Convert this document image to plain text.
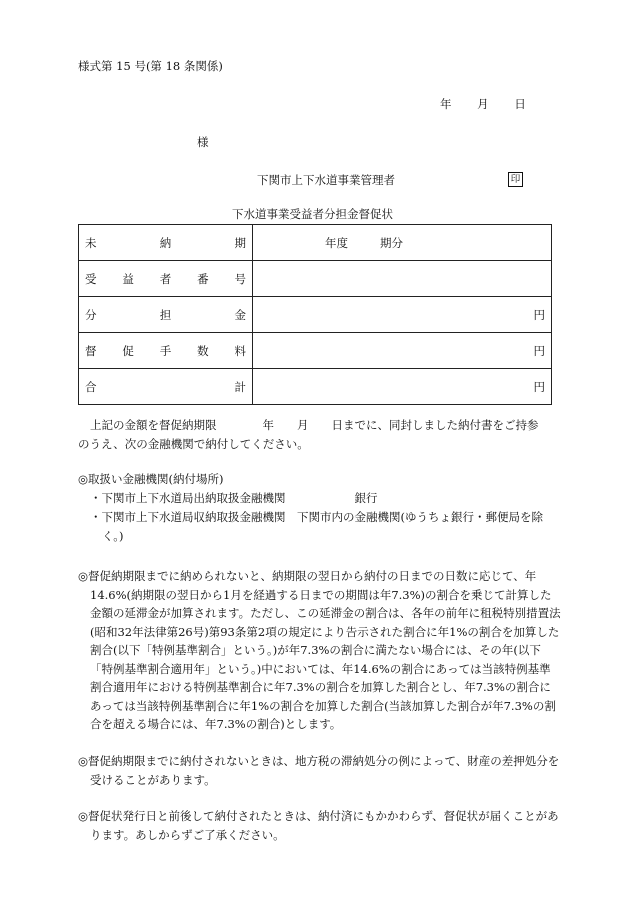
様式第 15 号(第 18 条関係)
年 月 日
様
下関市上下水道事業管理者	印
下水道事業受益者分担金督促状
未 納 期	年度 期分

受 益 者 番 号	

分 担 金	円

督 促 手 数 料	円

合 計	円
上記の金額を督促納期限　　　　年　　月　　日までに、同封しました納付書をご持参
のうえ、次の金融機関で納付してください。
◎取扱い金融機関(納付場所)
・下関市上下水道局出納取扱金融機関　　　　　　銀行
・下関市上下水道局収納取扱金融機関　下関市内の金融機関(ゆうちょ銀行・郵便局を除く。)
◎督促納期限までに納められないと、納期限の翌日から納付の日までの日数に応じて、年14.6%(納期限の翌日から1月を経過する日までの期間は年7.3%)の割合を乗じて計算した金額の延滞金が加算されます。ただし、この延滞金の割合は、各年の前年に租税特別措置法(昭和32年法律第26号)第93条第2項の規定により告示された割合に年1%の割合を加算した割合(以下「特例基準割合」という。)が年7.3%の割合に満たない場合には、その年(以下「特例基準割合適用年」という。)中においては、年14.6%の割合にあっては当該特例基準割合適用年における特例基準割合に年7.3%の割合を加算した割合とし、年7.3%の割合にあっては当該特例基準割合に年1%の割合を加算した割合(当該加算した割合が年7.3%の割合を超える場合には、年7.3%の割合)とします。
◎督促納期限までに納付されないときは、地方税の滞納処分の例によって、財産の差押処分を受けることがあります。
◎督促状発行日と前後して納付されたときは、納付済にもかかわらず、督促状が届くことがあります。あしからずご了承ください。
